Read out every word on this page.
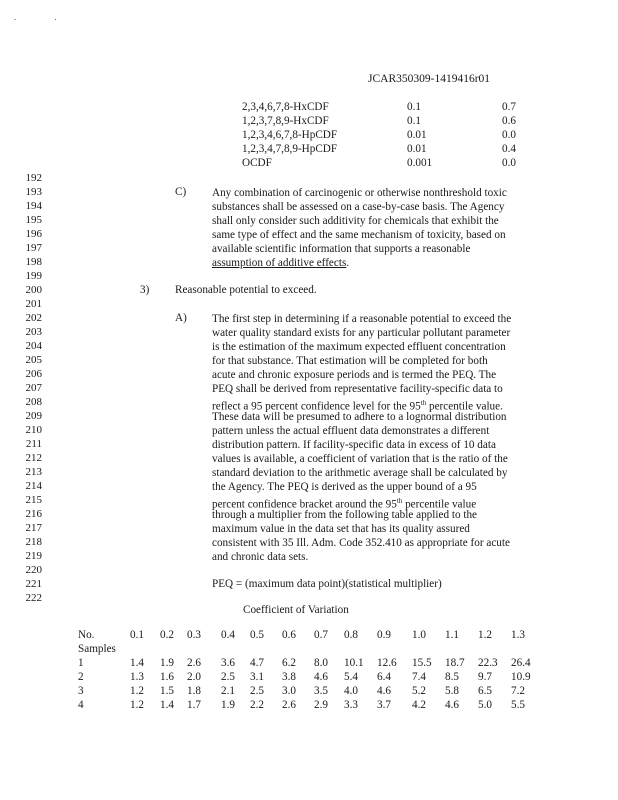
. .
JCAR350309-1419416r01
2,3,4,6,7,8-HxCDF	0.1	0.7
1,2,3,7,8,9-HxCDF	0.1	0.6
1,2,3,4,6,7,8-HpCDF	0.01	0.0
1,2,3,4,7,8,9-HpCDF	0.01	0.4
OCDF	0.001	0.0
192
193
194
195
196
197
198
199
200
201
202
203
204
205
206
207
208
209
210
211
212
213
214
215
216
217
218
219
220
221
222
C) Any combination of carcinogenic or otherwise nonthreshold toxic
substances shall be assessed on a case-by-case basis. The Agency
shall only consider such additivity for chemicals that exhibit the
same type of effect and the same mechanism of toxicity, based on
available scientific information that supports a reasonable
assumption of additive effects.
3) Reasonable potential to exceed.
A) The first step in determining if a reasonable potential to exceed the
water quality standard exists for any particular pollutant parameter
is the estimation of the maximum expected effluent concentration
for that substance. That estimation will be completed for both
acute and chronic exposure periods and is termed the PEQ. The
PEQ shall be derived from representative facility-specific data to
reflect a 95 percent confidence level for the 95th percentile value.
These data will be presumed to adhere to a lognormal distribution
pattern unless the actual effluent data demonstrates a different
distribution pattern. If facility-specific data in excess of 10 data
values is available, a coefficient of variation that is the ratio of the
standard deviation to the arithmetic average shall be calculated by
the Agency. The PEQ is derived as the upper bound of a 95
percent confidence bracket around the 95th percentile value
through a multiplier from the following table applied to the
maximum value in the data set that has its quality assured
consistent with 35 Ill. Adm. Code 352.410 as appropriate for acute
and chronic data sets.
PEQ = (maximum data point)(statistical multiplier)
Coefficient of Variation
No.	0.1 0.2 0.3 0.4 0.5 0.6 0.7 0.8 0.9 1.0 1.1 1.2 1.3
Samples
1	1.4 1.9 2.6 3.6 4.7 6.2 8.0 10.1 12.6 15.5 18.7 22.3 26.4
2	1.3 1.6 2.0 2.5 3.1 3.8 4.6 5.4 6.4 7.4 8.5 9.7 10.9
3	1.2 1.5 1.8 2.1 2.5 3.0 3.5 4.0 4.6 5.2 5.8 6.5 7.2
4	1.2 1.4 1.7 1.9 2.2 2.6 2.9 3.3 3.7 4.2 4.6 5.0 5.5
